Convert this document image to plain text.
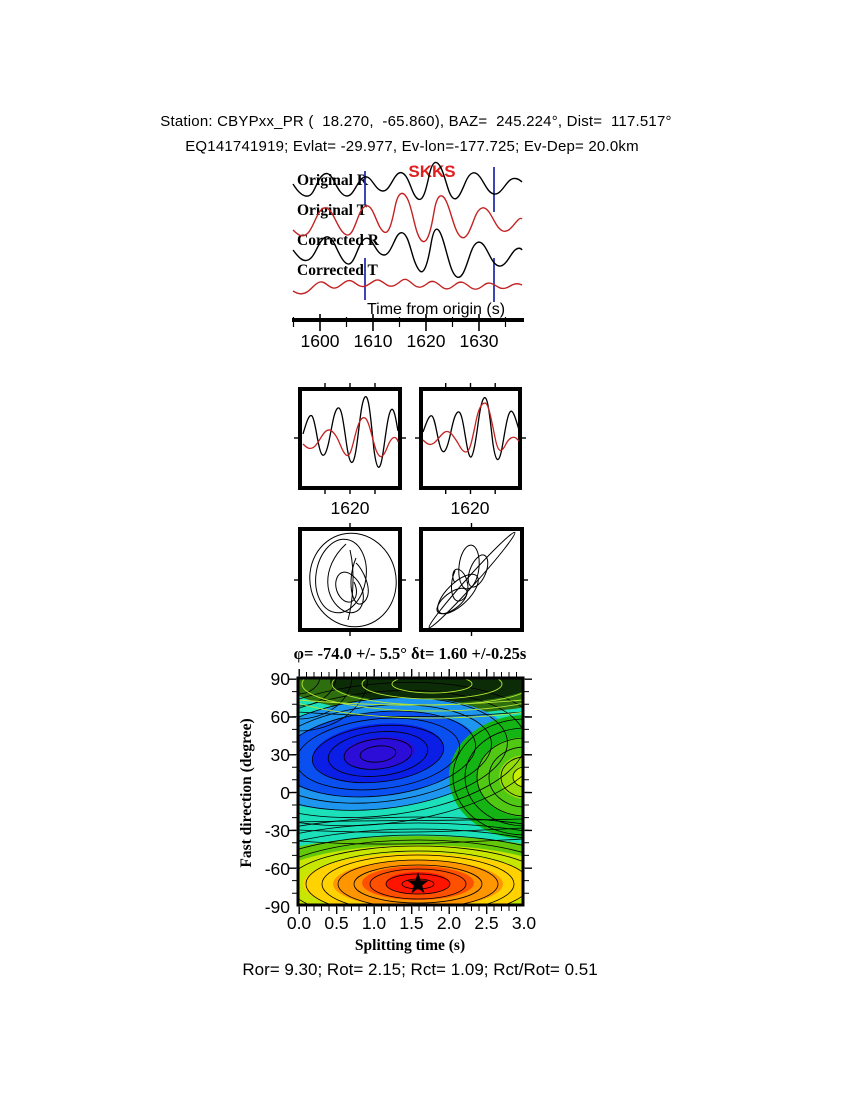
Station: CBYPxx_PR (  18.270,  -65.860), BAZ=  245.224°, Dist=  117.517°
EQ141741919; Evlat= -29.977, Ev-lon=-177.725; Ev-Dep= 20.0km
SKKS
Original R
Original T
Corrected R
Corrected T
Time from origin (s)
1600 1610 1620 1630
1620	1620
φ= -74.0 +/- 5.5° δt= 1.60 +/-0.25s
Fast direction (degree)
90
60
30
0
-30
-60
-90
0.0 0.5 1.0 1.5 2.0 2.5 3.0
Splitting time (s)
Ror= 9.30; Rot= 2.15; Rct= 1.09; Rct/Rot= 0.51
